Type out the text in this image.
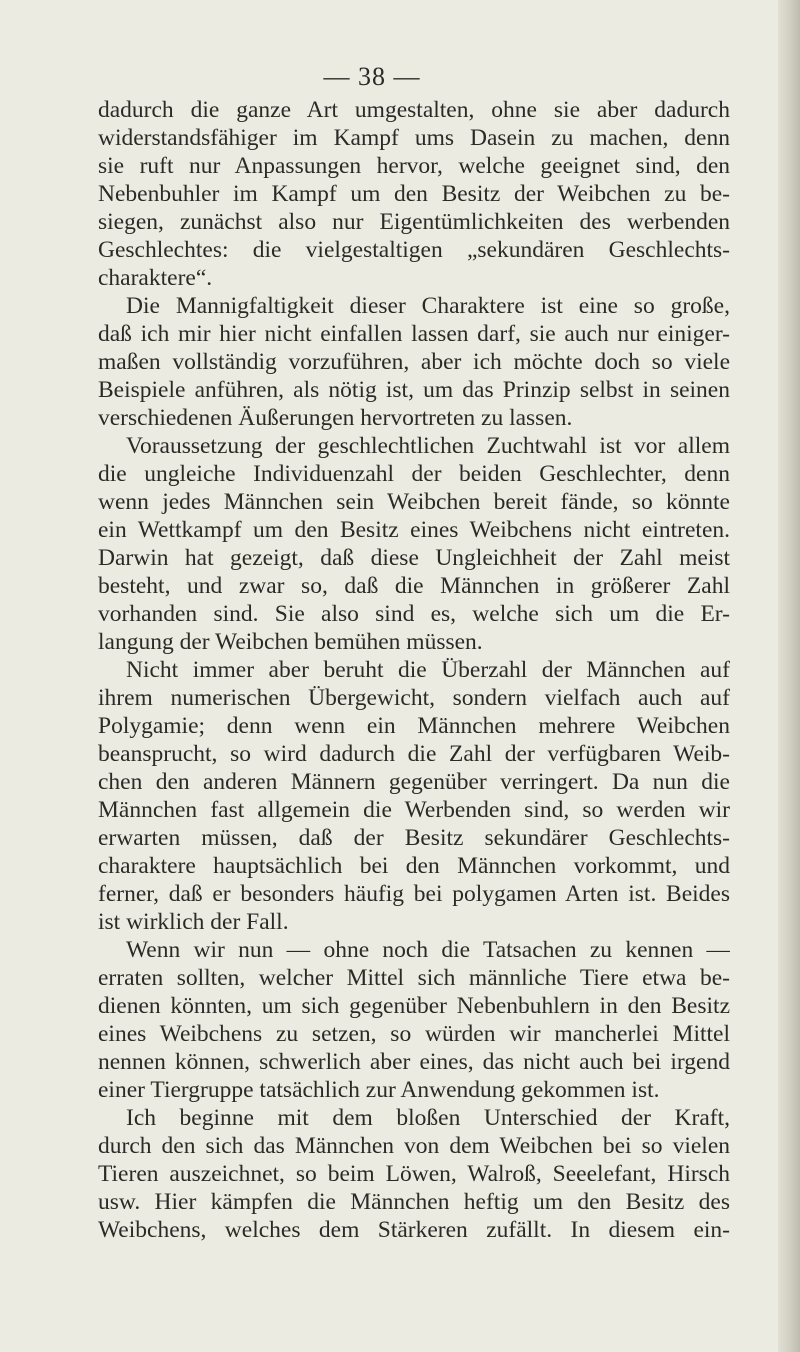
— 38 —
dadurch die ganze Art umgestalten, ohne sie aber dadurch
widerstandsfähiger im Kampf ums Dasein zu machen, denn
sie ruft nur Anpassungen hervor, welche geeignet sind, den
Nebenbuhler im Kampf um den Besitz der Weibchen zu be-
siegen, zunächst also nur Eigentümlichkeiten des werbenden
Geschlechtes: die vielgestaltigen „sekundären Geschlechts-
charaktere“.
Die Mannigfaltigkeit dieser Charaktere ist eine so große,
daß ich mir hier nicht einfallen lassen darf, sie auch nur einiger-
maßen vollständig vorzuführen, aber ich möchte doch so viele
Beispiele anführen, als nötig ist, um das Prinzip selbst in seinen
verschiedenen Äußerungen hervortreten zu lassen.
Voraussetzung der geschlechtlichen Zuchtwahl ist vor allem
die ungleiche Individuenzahl der beiden Geschlechter, denn
wenn jedes Männchen sein Weibchen bereit fände, so könnte
ein Wettkampf um den Besitz eines Weibchens nicht eintreten.
Darwin hat gezeigt, daß diese Ungleichheit der Zahl meist
besteht, und zwar so, daß die Männchen in größerer Zahl
vorhanden sind. Sie also sind es, welche sich um die Er-
langung der Weibchen bemühen müssen.
Nicht immer aber beruht die Überzahl der Männchen auf
ihrem numerischen Übergewicht, sondern vielfach auch auf
Polygamie; denn wenn ein Männchen mehrere Weibchen
beansprucht, so wird dadurch die Zahl der verfügbaren Weib-
chen den anderen Männern gegenüber verringert. Da nun die
Männchen fast allgemein die Werbenden sind, so werden wir
erwarten müssen, daß der Besitz sekundärer Geschlechts-
charaktere hauptsächlich bei den Männchen vorkommt, und
ferner, daß er besonders häufig bei polygamen Arten ist. Beides
ist wirklich der Fall.
Wenn wir nun — ohne noch die Tatsachen zu kennen —
erraten sollten, welcher Mittel sich männliche Tiere etwa be-
dienen könnten, um sich gegenüber Nebenbuhlern in den Besitz
eines Weibchens zu setzen, so würden wir mancherlei Mittel
nennen können, schwerlich aber eines, das nicht auch bei irgend
einer Tiergruppe tatsächlich zur Anwendung gekommen ist.
Ich beginne mit dem bloßen Unterschied der Kraft,
durch den sich das Männchen von dem Weibchen bei so vielen
Tieren auszeichnet, so beim Löwen, Walroß, Seeelefant, Hirsch
usw. Hier kämpfen die Männchen heftig um den Besitz des
Weibchens, welches dem Stärkeren zufällt. In diesem ein-
